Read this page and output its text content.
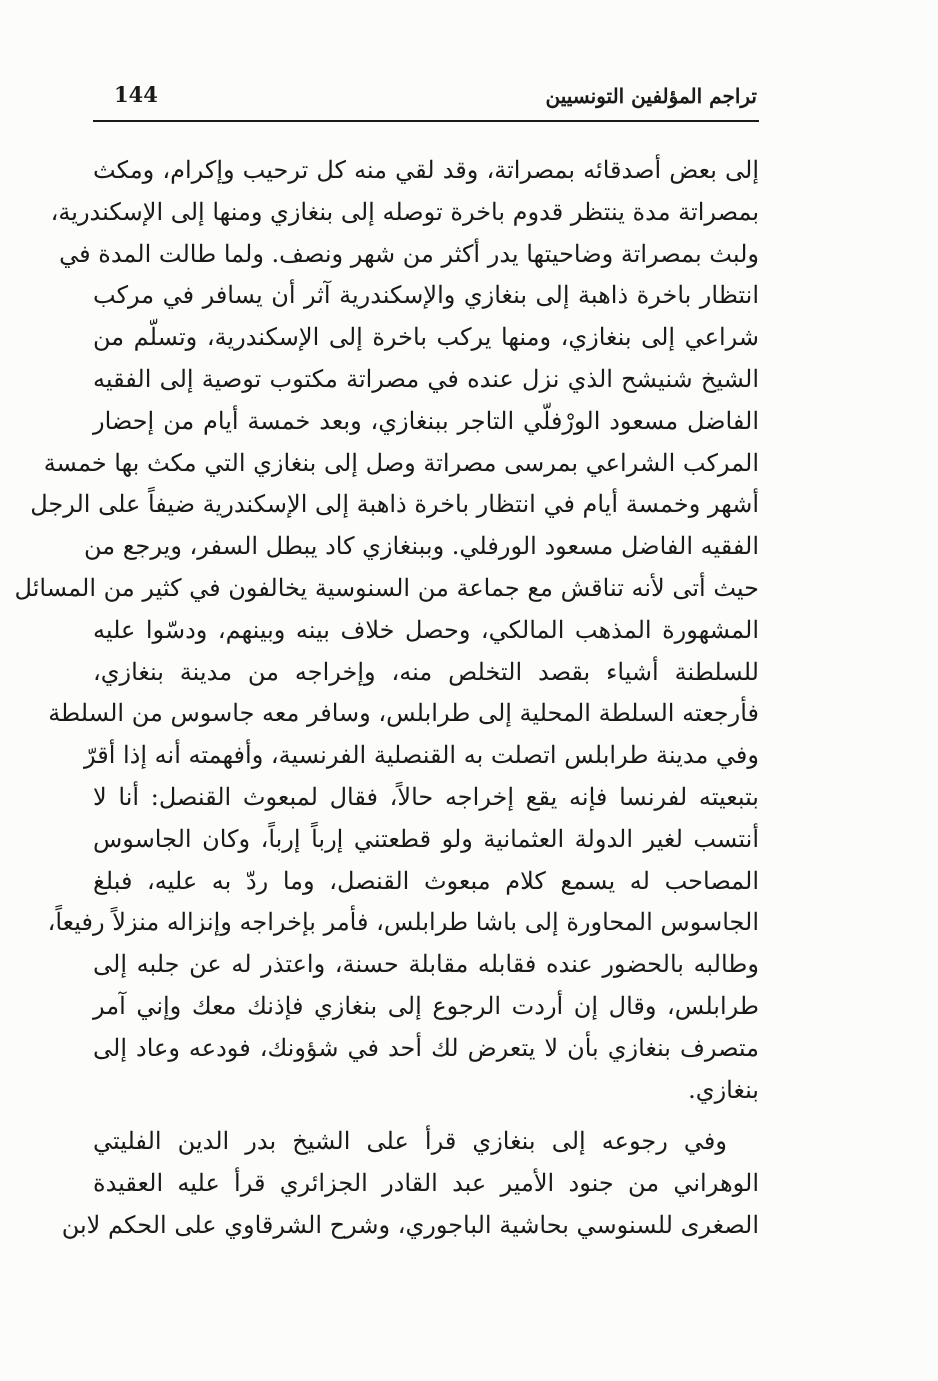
144	تراجم المؤلفين التونسيين
إلى بعض أصدقائه بمصراتة، وقد لقي منه كل ترحيب وإكرام، ومكث
بمصراتة مدة ينتظر قدوم باخرة توصله إلى بنغازي ومنها إلى الإسكندرية،
ولبث بمصراتة وضاحيتها يدر أكثر من شهر ونصف. ولما طالت المدة في
انتظار باخرة ذاهبة إلى بنغازي والإسكندرية آثر أن يسافر في مركب
شراعي إلى بنغازي، ومنها يركب باخرة إلى الإسكندرية، وتسلّم من
الشيخ شنيشح الذي نزل عنده في مصراتة مكتوب توصية إلى الفقيه
الفاضل مسعود الورْفلّي التاجر ببنغازي، وبعد خمسة أيام من إحضار
المركب الشراعي بمرسى مصراتة وصل إلى بنغازي التي مكث بها خمسة
أشهر وخمسة أيام في انتظار باخرة ذاهبة إلى الإسكندرية ضيفاً على الرجل
الفقيه الفاضل مسعود الورفلي. وببنغازي كاد يبطل السفر، ويرجع من
حيث أتى لأنه تناقش مع جماعة من السنوسية يخالفون في كثير من المسائل
المشهورة المذهب المالكي، وحصل خلاف بينه وبينهم، ودسّوا عليه
للسلطنة أشياء بقصد التخلص منه، وإخراجه من مدينة بنغازي،
فأرجعته السلطة المحلية إلى طرابلس، وسافر معه جاسوس من السلطة
وفي مدينة طرابلس اتصلت به القنصلية الفرنسية، وأفهمته أنه إذا أقرّ
بتبعيته لفرنسا فإنه يقع إخراجه حالاً، فقال لمبعوث القنصل: أنا لا
أنتسب لغير الدولة العثمانية ولو قطعتني إرباً إرباً، وكان الجاسوس
المصاحب له يسمع كلام مبعوث القنصل، وما ردّ به عليه، فبلغ
الجاسوس المحاورة إلى باشا طرابلس، فأمر بإخراجه وإنزاله منزلاً رفيعاً،
وطالبه بالحضور عنده فقابله مقابلة حسنة، واعتذر له عن جلبه إلى
طرابلس، وقال إن أردت الرجوع إلى بنغازي فإذنك معك وإني آمر
متصرف بنغازي بأن لا يتعرض لك أحد في شؤونك، فودعه وعاد إلى
بنغازي.
وفي رجوعه إلى بنغازي قرأ على الشيخ بدر الدين الفليتي
الوهراني من جنود الأمير عبد القادر الجزائري قرأ عليه العقيدة
الصغرى للسنوسي بحاشية الباجوري، وشرح الشرقاوي على الحكم لابن
